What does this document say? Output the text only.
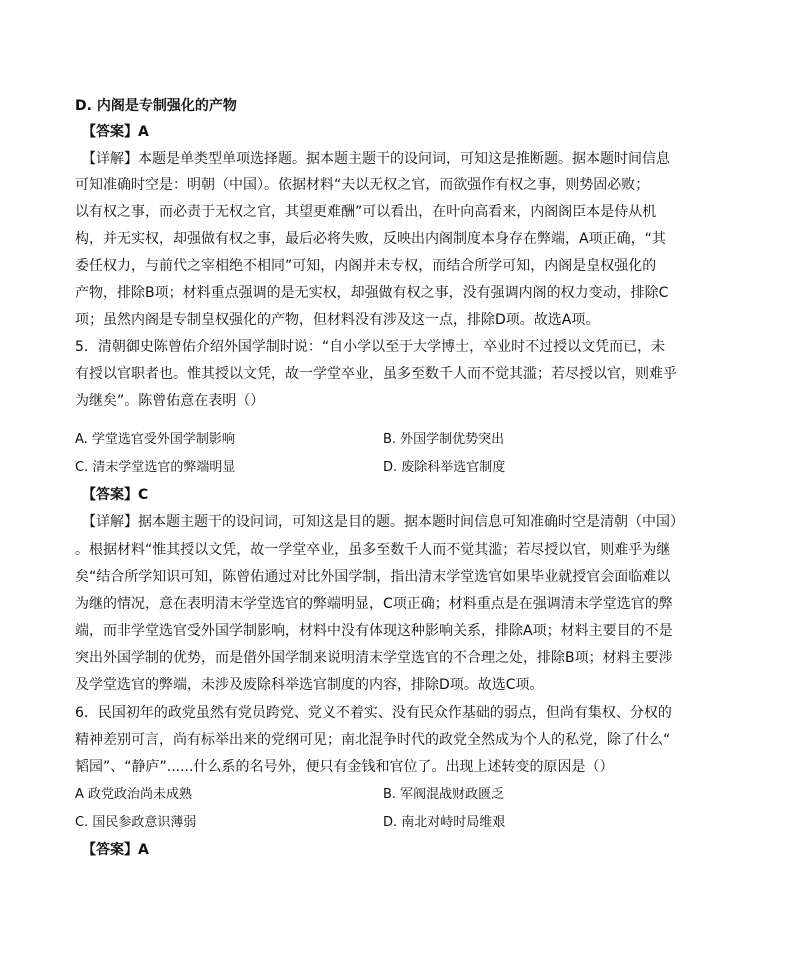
D. 内阁是专制强化的产物
【答案】A
【详解】本题是单类型单项选择题。据本题主题干的设问词，可知这是推断题。据本题时间信息
可知准确时空是：明朝（中国）。依据材料“夫以无权之官，而欲强作有权之事，则势固必败；
以有权之事，而必责于无权之官，其望更难酬”可以看出，在叶向高看来，内阁阁臣本是侍从机
构，并无实权，却强做有权之事，最后必将失败，反映出内阁制度本身存在弊端，A项正确，“其
委任权力，与前代之宰相绝不相同”可知，内阁并未专权，而结合所学可知，内阁是皇权强化的
产物，排除B项；材料重点强调的是无实权，却强做有权之事，没有强调内阁的权力变动，排除C
项；虽然内阁是专制皇权强化的产物，但材料没有涉及这一点，排除D项。故选A项。
5．清朝御史陈曾佑介绍外国学制时说：“自小学以至于大学博士，卒业时不过授以文凭而已，未
有授以官职者也。惟其授以文凭，故一学堂卒业，虽多至数千人而不觉其滥；若尽授以官，则难乎
为继矣”。陈曾佑意在表明（）
A. 学堂选官受外国学制影响	B. 外国学制优势突出
C. 清末学堂选官的弊端明显	D. 废除科举选官制度
【答案】C
【详解】据本题主题干的设问词，可知这是目的题。据本题时间信息可知准确时空是清朝（中国）
。根据材料“惟其授以文凭，故一学堂卒业，虽多至数千人而不觉其滥；若尽授以官，则难乎为继
矣“结合所学知识可知，陈曾佑通过对比外国学制，指出清末学堂选官如果毕业就授官会面临难以
为继的情况，意在表明清末学堂选官的弊端明显，C项正确；材料重点是在强调清末学堂选官的弊
端，而非学堂选官受外国学制影响，材料中没有体现这种影响关系，排除A项；材料主要目的不是
突出外国学制的优势，而是借外国学制来说明清末学堂选官的不合理之处，排除B项；材料主要涉
及学堂选官的弊端，未涉及废除科举选官制度的内容，排除D项。故选C项。
6．民国初年的政党虽然有党员跨党、党义不着实、没有民众作基础的弱点，但尚有集权、分权的
精神差别可言，尚有标举出来的党纲可见；南北混争时代的政党全然成为个人的私党，除了什么“
韬园”、“静庐”......什么系的名号外，便只有金钱和官位了。出现上述转变的原因是（）
A 政党政治尚未成熟	B. 军阀混战财政匮乏
C. 国民参政意识薄弱	D. 南北对峙时局维艰
【答案】A
